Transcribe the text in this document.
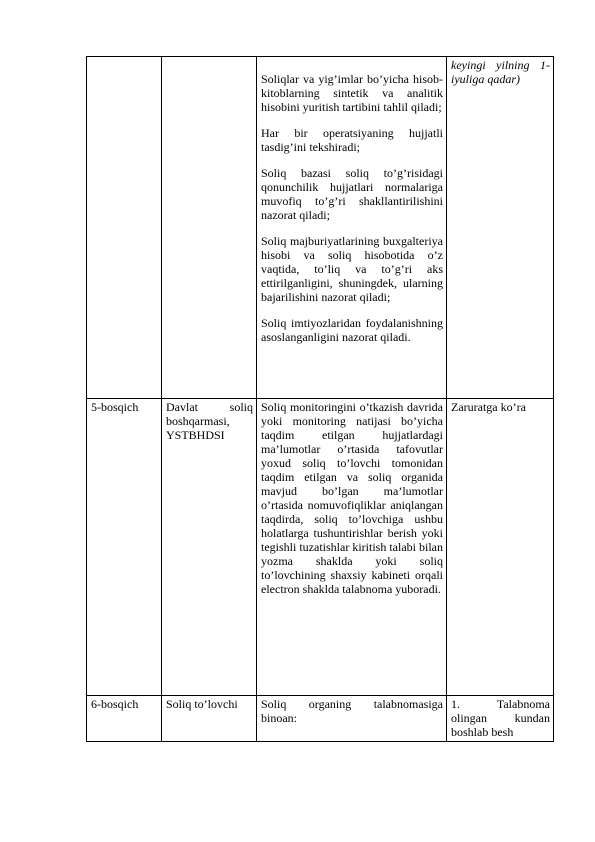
		Soliqlar va yig’imlar bo’yicha hisob-kitoblarning sintetik va analitik hisobini yuritish tartibini tahlil qiladi;

Har bir operatsiyaning hujjatli tasdig’ini tekshiradi;

Soliq bazasi soliq to’g’risidagi qonunchilik hujjatlari normalariga muvofiq to’g’ri shakllantirilishini nazorat qiladi;

Soliq majburiyatlarining buxgalteriya hisobi va soliq hisobotida o’z vaqtida, to’liq va to’g’ri aks ettirilganligini, shuningdek, ularning bajarilishini nazorat qiladi;

Soliq imtiyozlaridan foydalanishning asoslanganligini nazorat qiladi.	keyingi yilning 1-iyuliga qadar)

5-bosqich	Davlat soliq boshqarmasi, YSTBHDSI	Soliq monitoringini o’tkazish davrida yoki monitoring natijasi bo’yicha taqdim etilgan hujjatlardagi ma’lumotlar o’rtasida tafovutlar yoxud soliq to’lovchi tomonidan taqdim etilgan va soliq organida mavjud bo’lgan ma’lumotlar o’rtasida nomuvofiqliklar aniqlangan taqdirda, soliq to’lovchiga ushbu holatlarga tushuntirishlar berish yoki tegishli tuzatishlar kiritish talabi bilan yozma shaklda yoki soliq to’lovchining shaxsiy kabineti orqali electron shaklda talabnoma yuboradi.	Zaruratga ko’ra

6-bosqich	Soliq to’lovchi	Soliq organing talabnomasiga binoan:	1. Talabnoma olingan kundan boshlab besh
